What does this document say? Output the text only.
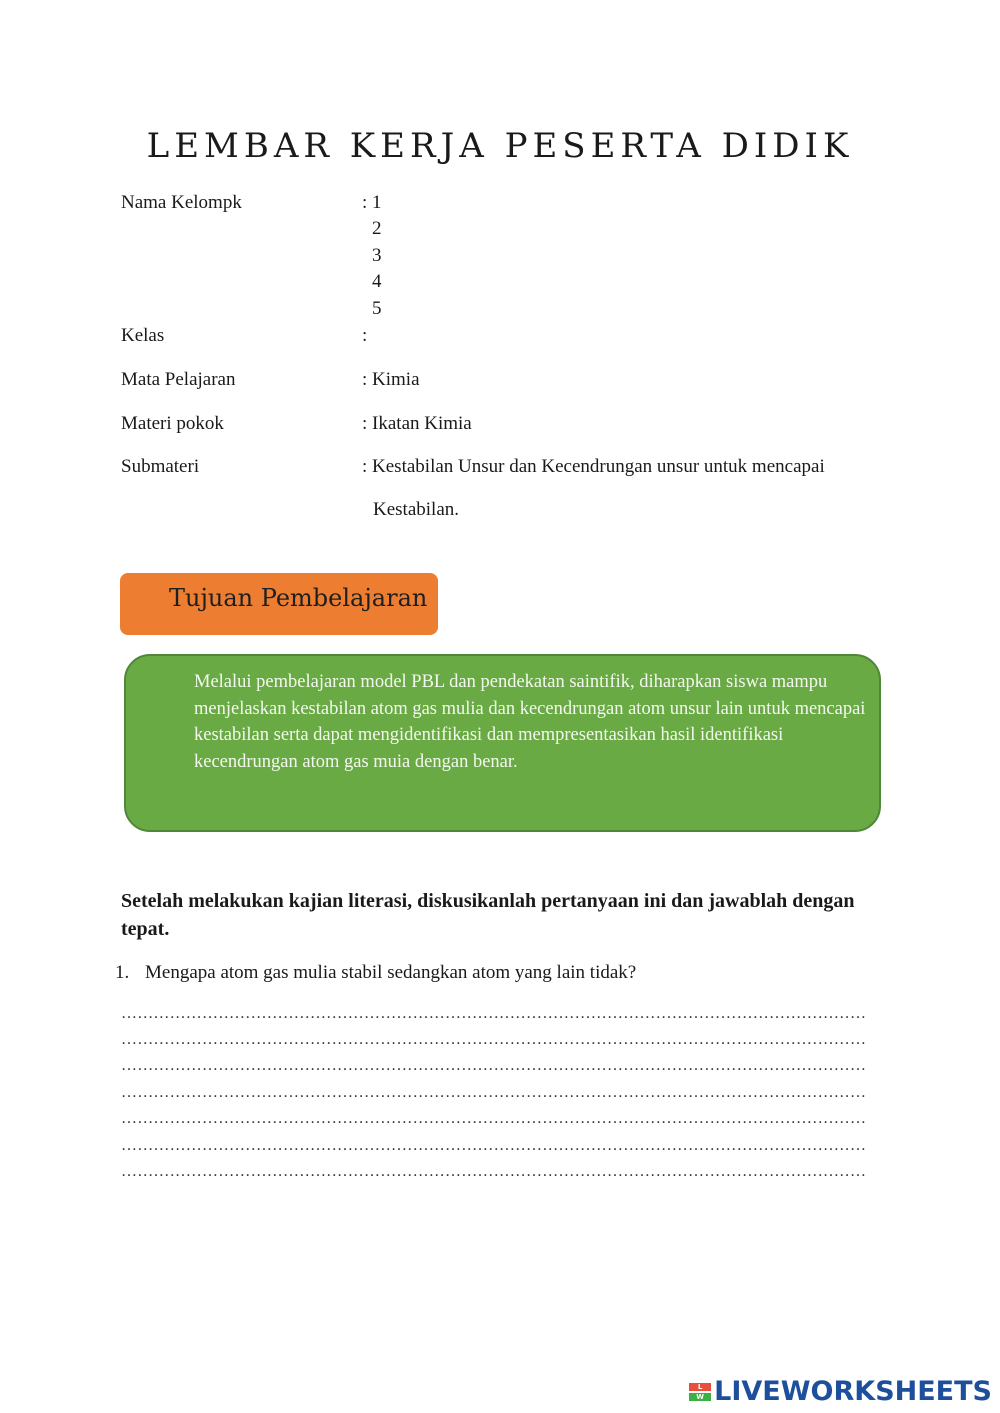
LEMBAR KERJA PESERTA DIDIK
Nama Kelompk	: 1
2
3
4
5
Kelas	:
Mata Pelajaran	: Kimia
Materi pokok	: Ikatan Kimia
Submateri	: Kestabilan Unsur dan Kecendrungan unsur untuk mencapai
Kestabilan.
Tujuan Pembelajaran
Melalui pembelajaran model PBL dan pendekatan saintifik, diharapkan siswa mampu menjelaskan kestabilan atom gas mulia dan kecendrungan atom unsur lain untuk mencapai kestabilan serta dapat mengidentifikasi dan mempresentasikan hasil identifikasi kecendrungan atom gas muia dengan benar.
Setelah melakukan kajian literasi, diskusikanlah pertanyaan ini dan jawablah dengan tepat.
1. Mengapa atom gas mulia stabil sedangkan atom yang lain tidak?
…………………………………………………………………………………………………………………………
…………………………………………………………………………………………………………………………
…………………………………………………………………………………………………………………………
…………………………………………………………………………………………………………………………
…………………………………………………………………………………………………………………………
…………………………………………………………………………………………………………………………
…………………………………………………………………………………………………………………………
L
W LIVEWORKSHEETS
